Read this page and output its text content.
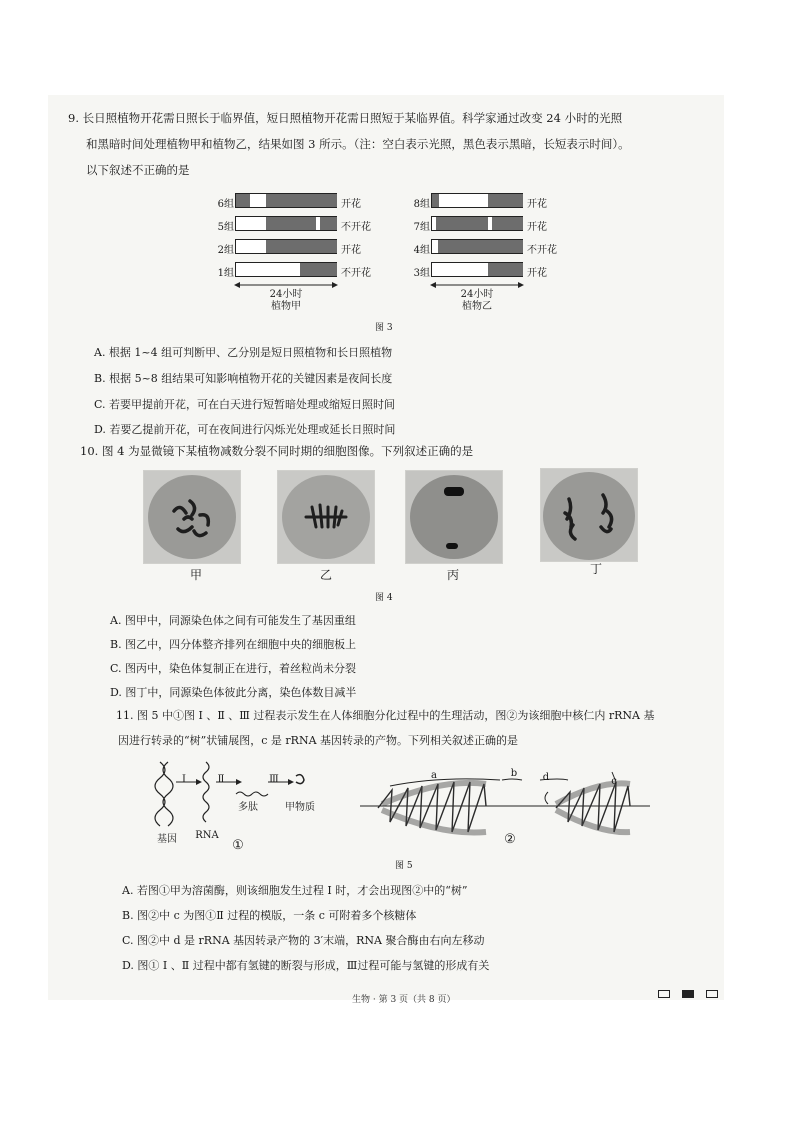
9. 长日照植物开花需日照长于临界值，短日照植物开花需日照短于某临界值。科学家通过改变 24 小时的光照
和黑暗时间处理植物甲和植物乙，结果如图 3 所示。（注：空白表示光照，黑色表示黑暗，长短表示时间）。
以下叙述不正确的是
6组	开花
5组	不开花
2组	开花
1组	不开花
24小时
植物甲
8组	开花
7组	开花
4组	不开花
3组	开花
24小时
植物乙
图 3
A. 根据 1~4 组可判断甲、乙分别是短日照植物和长日照植物
B. 根据 5~8 组结果可知影响植物开花的关键因素是夜间长度
C. 若要甲提前开花，可在白天进行短暂暗处理或缩短日照时间
D. 若要乙提前开花，可在夜间进行闪烁光处理或延长日照时间
10. 图 4 为显微镜下某植物减数分裂不同时期的细胞图像。下列叙述正确的是
甲	乙	丙	丁
图 4
A. 图甲中，同源染色体之间有可能发生了基因重组
B. 图乙中，四分体整齐排列在细胞中央的细胞板上
C. 图丙中，染色体复制正在进行，着丝粒尚未分裂
D. 图丁中，同源染色体彼此分离，染色体数目减半
11. 图 5 中①图 Ⅰ 、Ⅱ 、Ⅲ 过程表示发生在人体细胞分化过程中的生理活动，图②为该细胞中核仁内 rRNA 基
因进行转录的“树”状铺展图，c 是 rRNA 基因转录的产物。下列相关叙述正确的是
Ⅰ	Ⅱ	Ⅲ
多肽	甲物质
基因	RNA
①
a	b	d	c
②
图 5
A. 若图①甲为溶菌酶，则该细胞发生过程 Ⅰ 时，才会出现图②中的“树”
B. 图②中 c 为图①Ⅱ 过程的模版，一条 c 可附着多个核糖体
C. 图②中 d 是 rRNA 基因转录产物的 3′末端，RNA 聚合酶由右向左移动
D. 图① Ⅰ 、Ⅱ 过程中都有氢键的断裂与形成，Ⅲ过程可能与氢键的形成有关
生物 · 第 3 页（共 8 页）
